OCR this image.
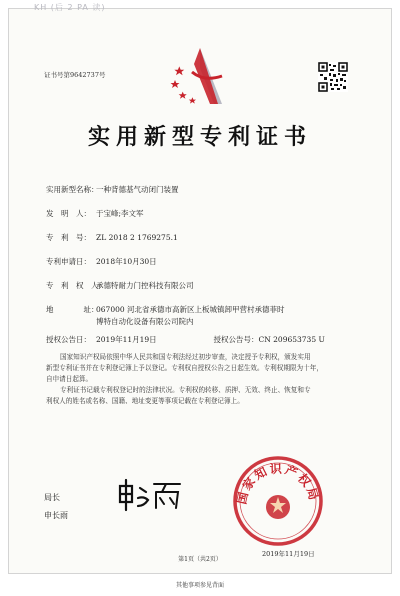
KH (后 2 PA 读)
证书号第9642737号
实用新型专利证书
实用新型名称：一种背德基气动闭门装置
发　明　人： 于宝峰;李文军
专　利　号： ZL 2018 2 1769275.1
专利申请日： 2018年10月30日
专　利　权　人：承德特耐力门控科技有限公司
地　　　　址：067000 河北省承德市高新区上板城镇卸甲营村承德菲时
博特自动化设备有限公司院内
授权公告日： 2019年11月19日	授权公告号：CN 209653735 U
国家知识产权局依照中华人民共和国专利法经过初步审查，决定授予专利权，颁发实用
新型专利证书并在专利登记簿上予以登记。专利权自授权公告之日起生效。专利权期限为十年，
自申请日起算。
专利证书记载专利权登记时的法律状况。专利权的转移、质押、无效、终止、恢复和专
利权人的姓名或名称、国籍、地址变更等事项记载在专利登记簿上。
局长
申长雨
国家知识产权局
2019年11月19日
第1页（共2页）
其他事项参见背面
